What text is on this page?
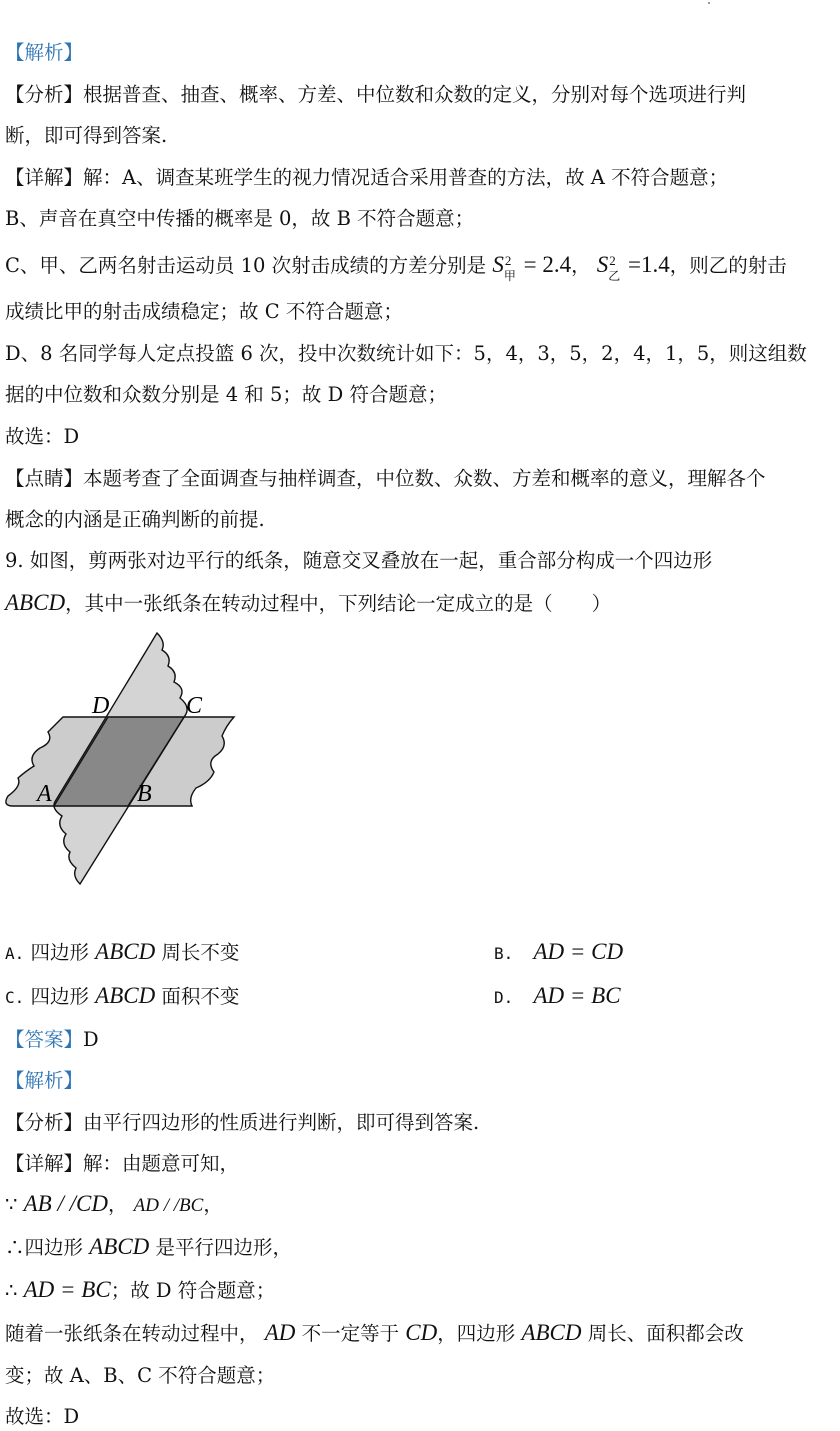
【解析】
【分析】根据普查、抽查、概率、方差、中位数和众数的定义，分别对每个选项进行判
断，即可得到答案.
【详解】解：A、调查某班学生的视力情况适合采用普查的方法，故 A 不符合题意；
B、声音在真空中传播的概率是 0，故 B 不符合题意；
C、甲、乙两名射击运动员 10 次射击成绩的方差分别是 S 2
甲 = 2.4， S 2
乙 =1.4，则乙的射击
成绩比甲的射击成绩稳定；故 C 不符合题意；
D、8 名同学每人定点投篮 6 次，投中次数统计如下：5，4，3，5，2，4，1，5，则这组数
据的中位数和众数分别是 4 和 5；故 D 符合题意；
故选：D
【点睛】本题考查了全面调查与抽样调查，中位数、众数、方差和概率的意义，理解各个
概念的内涵是正确判断的前提.
9. 如图，剪两张对边平行的纸条，随意交叉叠放在一起，重合部分构成一个四边形
ABCD，其中一张纸条在转动过程中，下列结论一定成立的是（　　）
D	C
A	B
A. 四边形 ABCD 周长不变	B. AD = CD
C. 四边形 ABCD 面积不变	D. AD = BC
【答案】D
【解析】
【分析】由平行四边形的性质进行判断，即可得到答案.
【详解】解：由题意可知，
∵ AB / /CD， AD / /BC，
∴四边形 ABCD 是平行四边形，
∴ AD = BC；故 D 符合题意；
随着一张纸条在转动过程中， AD 不一定等于 CD，四边形 ABCD 周长、面积都会改
变；故 A、B、C 不符合题意；
故选：D
